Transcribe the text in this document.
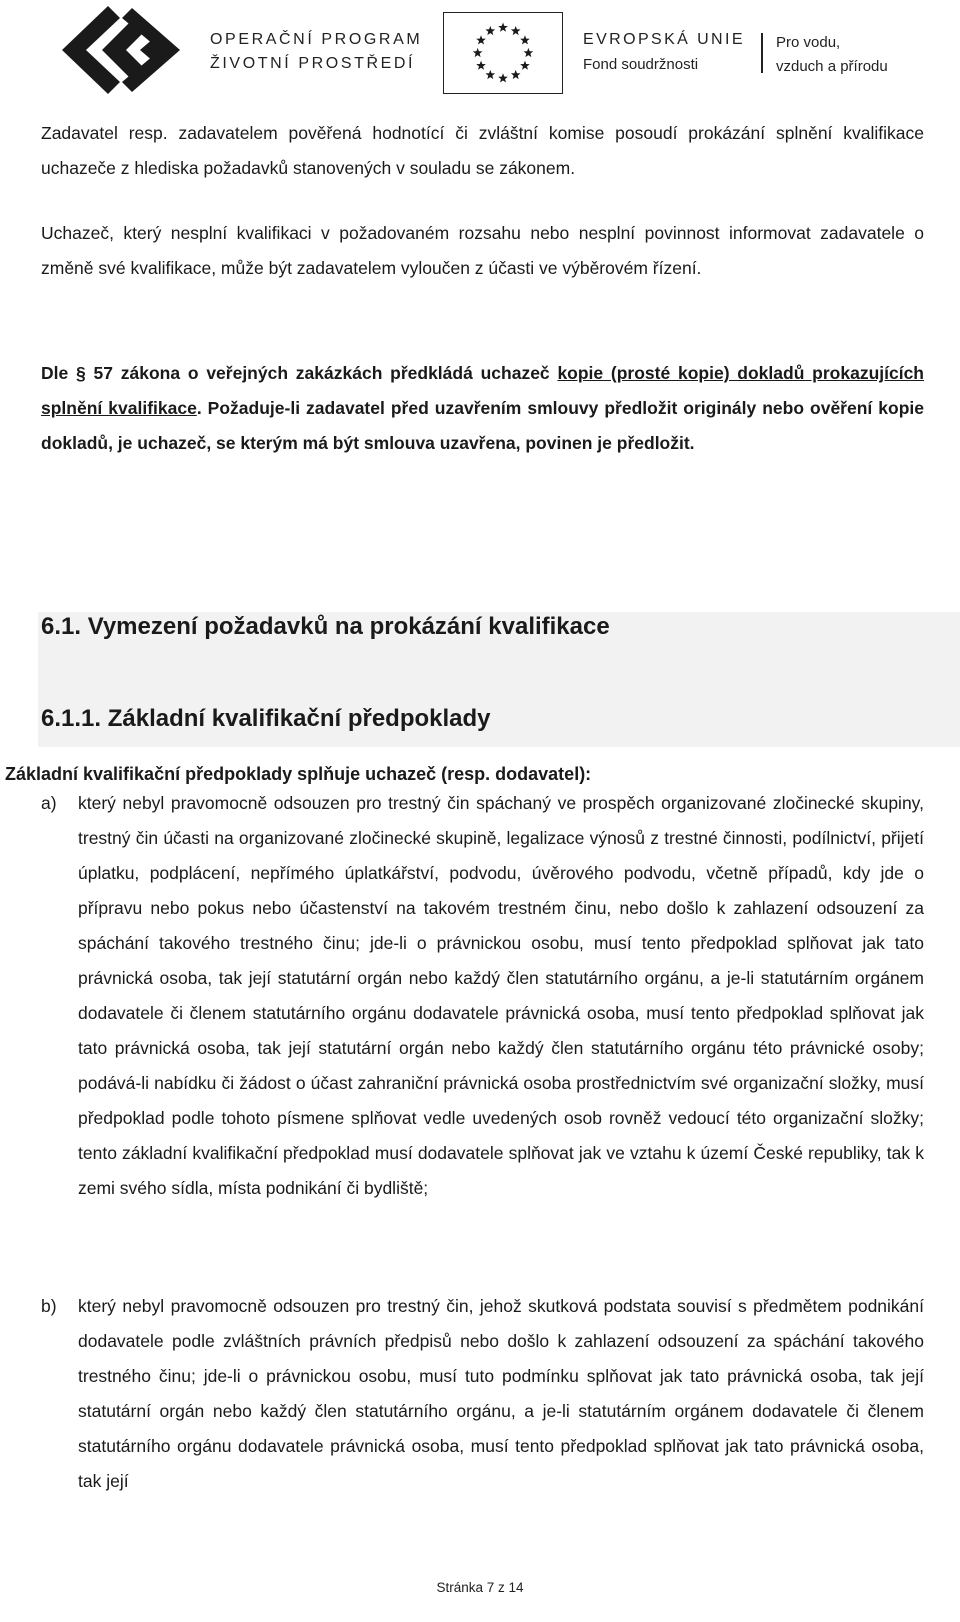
OPERAČNÍ PROGRAM
ŽIVOTNÍ PROSTŘEDÍ
EVROPSKÁ UNIE
Fond soudržnosti
Pro vodu,
vzduch a přírodu

Zadavatel resp. zadavatelem pověřená hodnotící či zvláštní komise posoudí prokázání splnění kvalifikace uchazeče z hlediska požadavků stanovených v souladu se zákonem.

Uchazeč, který nesplní kvalifikaci v požadovaném rozsahu nebo nesplní povinnost informovat zadavatele o změně své kvalifikace, může být zadavatelem vyloučen z účasti ve výběrovém řízení.

Dle § 57 zákona o veřejných zakázkách předkládá uchazeč kopie (prosté kopie) dokladů prokazujících splnění kvalifikace. Požaduje-li zadavatel před uzavřením smlouvy předložit originály nebo ověření kopie dokladů, je uchazeč, se kterým má být smlouva uzavřena, povinen je předložit.

6.1. Vymezení požadavků na prokázání kvalifikace
6.1.1. Základní kvalifikační předpoklady

Základní kvalifikační předpoklady splňuje uchazeč (resp. dodavatel):

a) který nebyl pravomocně odsouzen pro trestný čin spáchaný ve prospěch organizované zločinecké skupiny, trestný čin účasti na organizované zločinecké skupině, legalizace výnosů z trestné činnosti, podílnictví, přijetí úplatku, podplácení, nepřímého úplatkářství, podvodu, úvěrového podvodu, včetně případů, kdy jde o přípravu nebo pokus nebo účastenství na takovém trestném činu, nebo došlo k zahlazení odsouzení za spáchání takového trestného činu; jde-li o právnickou osobu, musí tento předpoklad splňovat jak tato právnická osoba, tak její statutární orgán nebo každý člen statutárního orgánu, a je-li statutárním orgánem dodavatele či členem statutárního orgánu dodavatele právnická osoba, musí tento předpoklad splňovat jak tato právnická osoba, tak její statutární orgán nebo každý člen statutárního orgánu této právnické osoby; podává-li nabídku či žádost o účast zahraniční právnická osoba prostřednictvím své organizační složky, musí předpoklad podle tohoto písmene splňovat vedle uvedených osob rovněž vedoucí této organizační složky; tento základní kvalifikační předpoklad musí dodavatele splňovat jak ve vztahu k území České republiky, tak k zemi svého sídla, místa podnikání či bydliště;

b) který nebyl pravomocně odsouzen pro trestný čin, jehož skutková podstata souvisí s předmětem podnikání dodavatele podle zvláštních právních předpisů nebo došlo k zahlazení odsouzení za spáchání takového trestného činu; jde-li o právnickou osobu, musí tuto podmínku splňovat jak tato právnická osoba, tak její statutární orgán nebo každý člen statutárního orgánu, a je-li statutárním orgánem dodavatele či členem statutárního orgánu dodavatele právnická osoba, musí tento předpoklad splňovat jak tato právnická osoba, tak její

Stránka 7 z 14
